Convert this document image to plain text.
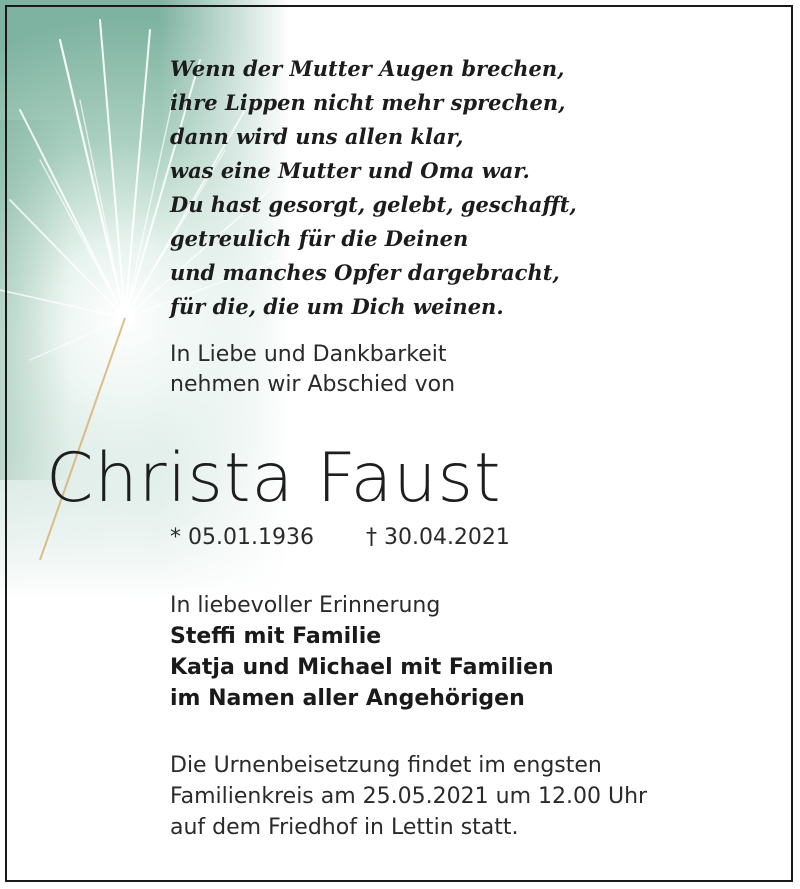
Wenn der Mutter Augen brechen,
ihre Lippen nicht mehr sprechen,
dann wird uns allen klar,
was eine Mutter und Oma war.
Du hast gesorgt, gelebt, geschafft,
getreulich für die Deinen
und manches Opfer dargebracht,
für die, die um Dich weinen.
In Liebe und Dankbarkeit
nehmen wir Abschied von
Christa Faust
* 05.01.1936 † 30.04.2021
In liebevoller Erinnerung
Steffi mit Familie
Katja und Michael mit Familien
im Namen aller Angehörigen
Die Urnenbeisetzung findet im engsten
Familienkreis am 25.05.2021 um 12.00 Uhr
auf dem Friedhof in Lettin statt.
